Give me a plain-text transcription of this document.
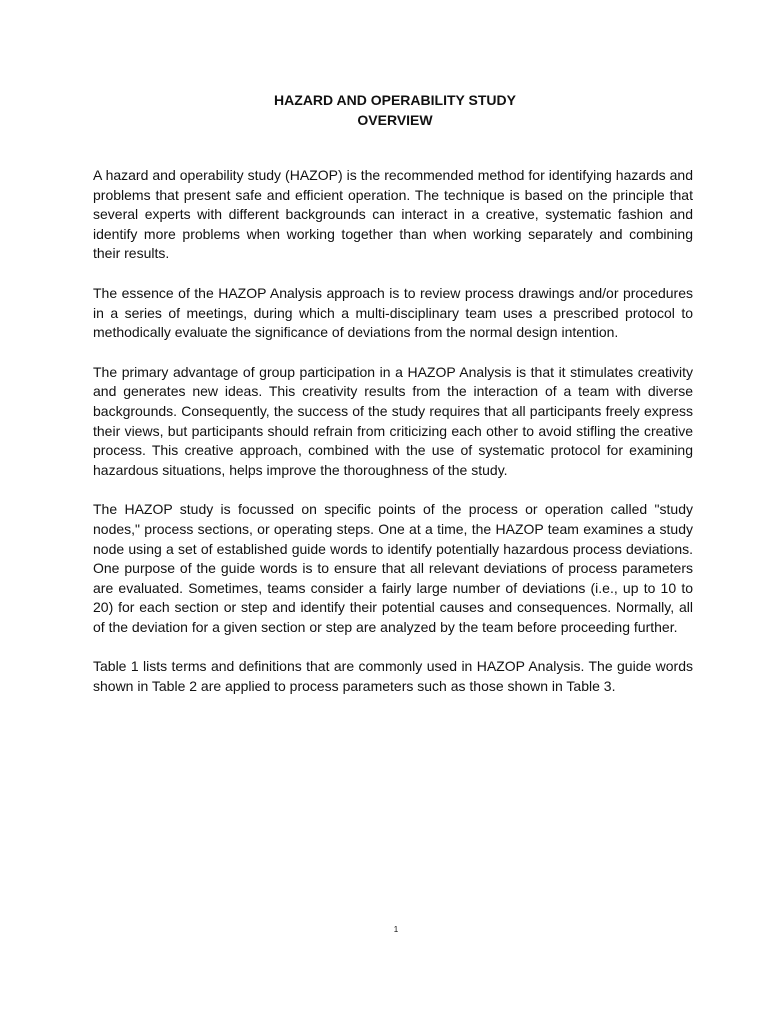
HAZARD AND OPERABILITY STUDY
OVERVIEW

A hazard and operability study (HAZOP) is the recommended method for identifying hazards and problems that present safe and efficient operation. The technique is based on the principle that several experts with different backgrounds can interact in a creative, systematic fashion and identify more problems when working together than when working separately and combining their results.

The essence of the HAZOP Analysis approach is to review process drawings and/or procedures in a series of meetings, during which a multi-disciplinary team uses a prescribed protocol to methodically evaluate the significance of deviations from the normal design intention.

The primary advantage of group participation in a HAZOP Analysis is that it stimulates creativity and generates new ideas. This creativity results from the interaction of a team with diverse backgrounds. Consequently, the success of the study requires that all participants freely express their views, but participants should refrain from criticizing each other to avoid stifling the creative process. This creative approach, combined with the use of systematic protocol for examining hazardous situations, helps improve the thoroughness of the study.

The HAZOP study is focussed on specific points of the process or operation called "study nodes," process sections, or operating steps. One at a time, the HAZOP team examines a study node using a set of established guide words to identify potentially hazardous process deviations. One purpose of the guide words is to ensure that all relevant deviations of process parameters are evaluated. Sometimes, teams consider a fairly large number of deviations (i.e., up to 10 to 20) for each section or step and identify their potential causes and consequences. Normally, all of the deviation for a given section or step are analyzed by the team before proceeding further.

Table 1 lists terms and definitions that are commonly used in HAZOP Analysis. The guide words shown in Table 2 are applied to process parameters such as those shown in Table 3.

1
